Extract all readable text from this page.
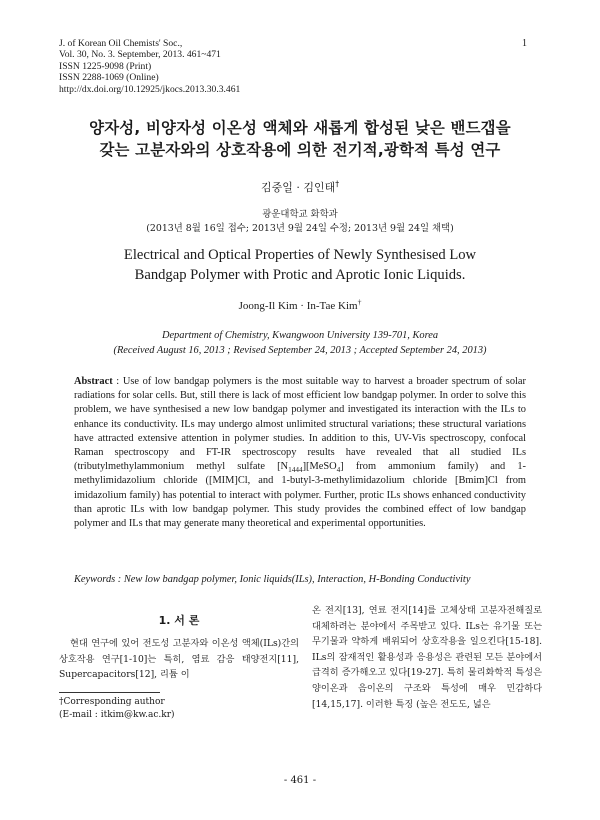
J. of Korean Oil Chemists' Soc.,
Vol. 30, No. 3. September, 2013. 461~471
ISSN 1225-9098 (Print)
ISSN 2288-1069 (Online)
http://dx.doi.org/10.12925/jkocs.2013.30.3.461
1
양자성, 비양자성 이온성 액체와 새롭게 합성된 낮은 밴드갭을
갖는 고분자와의 상호작용에 의한 전기적,광학적 특성 연구
김중일 · 김인태†
광운대학교 화학과
(2013년 8월 16일 접수; 2013년 9월 24일 수정; 2013년 9월 24일 채택)
Electrical and Optical Properties of Newly Synthesised Low
Bandgap Polymer with Protic and Aprotic Ionic Liquids.
Joong-Il Kim · In-Tae Kim†
Department of Chemistry, Kwangwoon University 139-701, Korea
(Received August 16, 2013 ; Revised September 24, 2013 ; Accepted September 24, 2013)

Abstract : Use of low bandgap polymers is the most suitable way to harvest a broader spectrum of solar radiations for solar cells. But, still there is lack of most efficient low bandgap polymer. In order to solve this problem, we have synthesised a new low bandgap polymer and investigated its interaction with the ILs to enhance its conductivity. ILs may undergo almost unlimited structural variations; these structural variations have attracted extensive attention in polymer studies. In addition to this, UV-Vis spectroscopy, confocal Raman spectroscopy and FT-IR spectroscopy results have revealed that all studied ILs (tributylmethylammonium methyl sulfate $[N_{1444}][MeSO_4]$ from ammonium family) and 1-methylimidazolium chloride ([MIM]Cl, and 1-butyl-3-methylimidazolium chloride [Bmim]Cl from imidazolium family) has potential to interact with polymer. Further, protic ILs shows enhanced conductivity than aprotic ILs with low bandgap polymer. This study provides the combined effect of low bandgap polymer and ILs that may generate many theoretical and experimental opportunities.

Keywords : New low bandgap polymer, Ionic liquids(ILs), Interaction, H-Bonding Conductivity
1. 서 론

현대 연구에 있어 전도성 고분자와 이온성 액체(ILs)간의 상호작용 연구[1-10]는 특히, 염료 감응 태양전지[11], Supercapacitors[12], 리튬 이

†Corresponding author
(E-mail : itkim@kw.ac.kr)

온 전지[13], 연료 전지[14]를 고체상태 고분자전해질로 대체하려는 분야에서 주목받고 있다. ILs는 유기물 또는 무기물과 약하게 배위되어 상호작용을 일으킨다[15-18]. ILs의 잠재적인 활용성과 응용성은 관련된 모든 분야에서 급격히 증가해오고 있다[19-27]. 특히 물리화학적 특성은 양이온과 음이온의 구조와 특성에 매우 민감하다[14,15,17]. 이러한 특징 (높은 전도도, 넓은

- 461 -
